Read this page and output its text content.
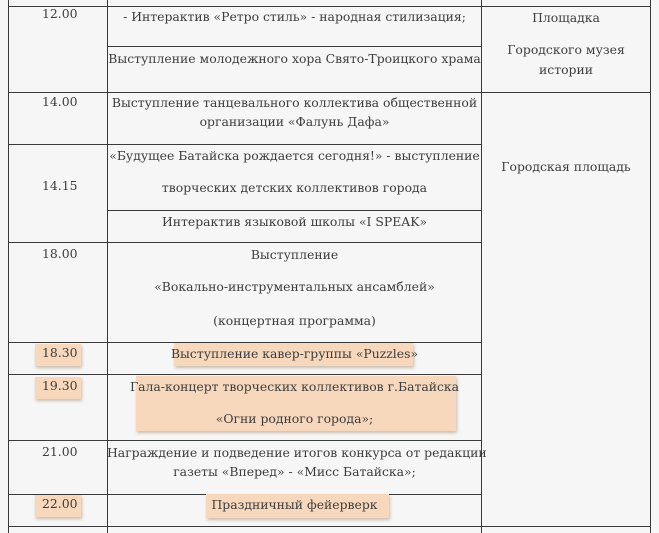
12.00
14.00
14.15
18.00
18.30
19.30
21.00
22.00
- Интерактив «Ретро стиль» - народная стилизация;
Выступление молодежного хора Свято-Троицкого храма
Выступление танцевального коллектива общественной
организации «Фалунь Дафа»
«Будущее Батайска рождается сегодня!» - выступление
творческих детских коллективов города
Интерактив языковой школы «I SPEAK»
Выступление
«Вокально-инструментальных ансамблей»
(концертная программа)
Выступление кавер-группы «Puzzles»
Гала-концерт творческих коллективов г.Батайска
«Огни родного города»;
Награждение и подведение итогов конкурса от редакции
газеты «Вперед» - «Мисс Батайска»;
Праздничный фейерверк
Площадка
Городского музея
истории
Городская площадь
